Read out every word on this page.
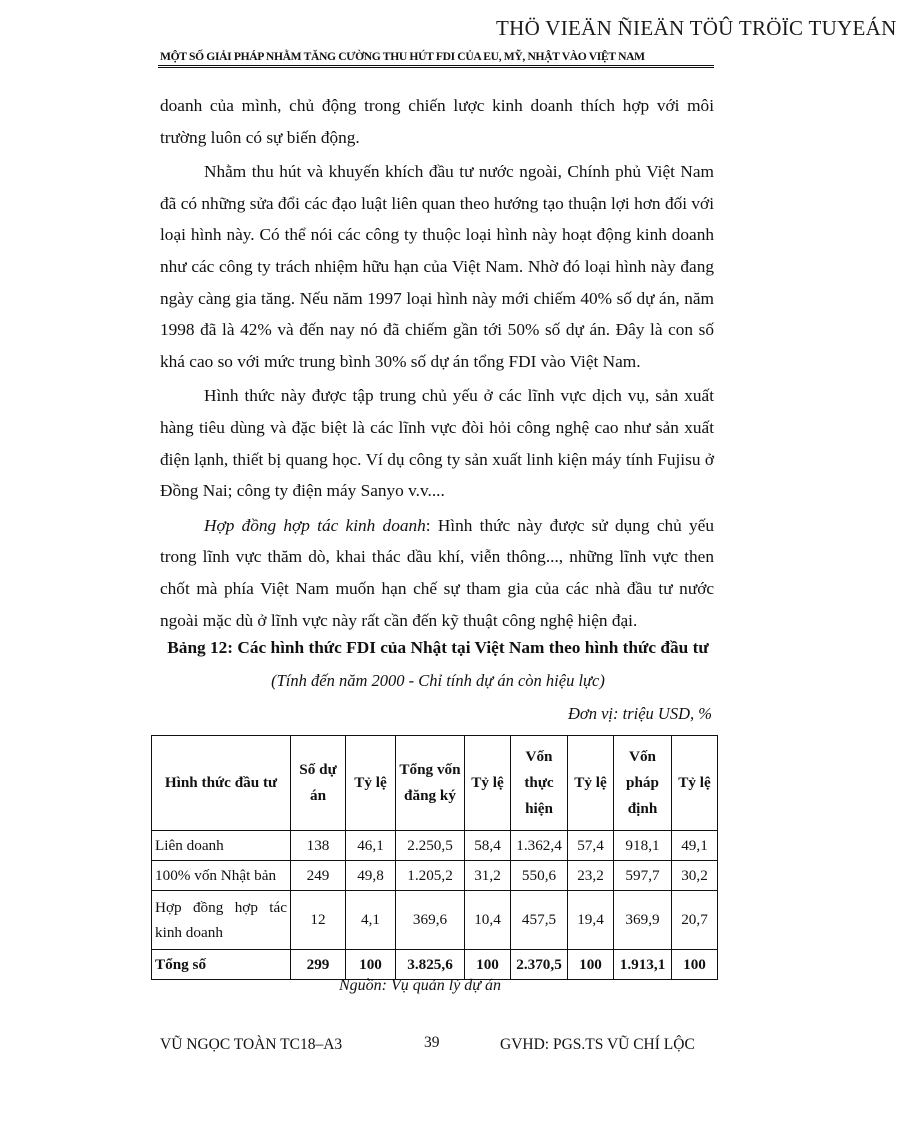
THÖ VIEÄN ÑIEÄN TÖÛ TRÖÏC TUYEÁN
MỘT SỐ GIẢI PHÁP NHẰM TĂNG CƯỜNG THU HÚT FDI CỦA EU, MỸ, NHẬT VÀO VIỆT NAM

doanh của mình, chủ động trong chiến lược kinh doanh thích hợp với môi trường luôn có sự biến động.

Nhằm thu hút và khuyến khích đầu tư nước ngoài, Chính phủ Việt Nam đã có những sửa đổi các đạo luật liên quan theo hướng tạo thuận lợi hơn đối với loại hình này. Có thể nói các công ty thuộc loại hình này hoạt động kinh doanh như các công ty trách nhiệm hữu hạn của Việt Nam. Nhờ đó loại hình này đang ngày càng gia tăng. Nếu năm 1997 loại hình này mới chiếm 40% số dự án, năm 1998 đã là 42% và đến nay nó đã chiếm gần tới 50% số dự án. Đây là con số khá cao so với mức trung bình 30% số dự án tổng FDI vào Việt Nam.

Hình thức này được tập trung chủ yếu ở các lĩnh vực dịch vụ, sản xuất hàng tiêu dùng và đặc biệt là các lĩnh vực đòi hỏi công nghệ cao như sản xuất điện lạnh, thiết bị quang học. Ví dụ công ty sản xuất linh kiện máy tính Fujisu ở Đồng Nai; công ty điện máy Sanyo v.v....

Hợp đồng hợp tác kinh doanh: Hình thức này được sử dụng chủ yếu trong lĩnh vực thăm dò, khai thác dầu khí, viễn thông..., những lĩnh vực then chốt mà phía Việt Nam muốn hạn chế sự tham gia của các nhà đầu tư nước ngoài mặc dù ở lĩnh vực này rất cần đến kỹ thuật công nghệ hiện đại.

Bảng 12: Các hình thức FDI của Nhật tại Việt Nam theo hình thức đầu tư
(Tính đến năm 2000 - Chỉ tính dự án còn hiệu lực)
Đơn vị: triệu USD, %
Hình thức đầu tư	Số dự án	Tỷ lệ	Tổng vốn đăng ký	Tỷ lệ	Vốn thực hiện	Tỷ lệ	Vốn pháp định	Tỷ lệ
Liên doanh	138	46,1	2.250,5	58,4	1.362,4	57,4	918,1	49,1
100% vốn Nhật bản	249	49,8	1.205,2	31,2	550,6	23,2	597,7	30,2
Hợp đồng hợp tác kinh doanh	12	4,1	369,6	10,4	457,5	19,4	369,9	20,7
Tổng số	299	100	3.825,6	100	2.370,5	100	1.913,1	100
Nguồn: Vụ quản lý dự án
VŨ NGỌC TOÀN TC18–A3	39	GVHD: PGS.TS VŨ CHÍ LỘC
